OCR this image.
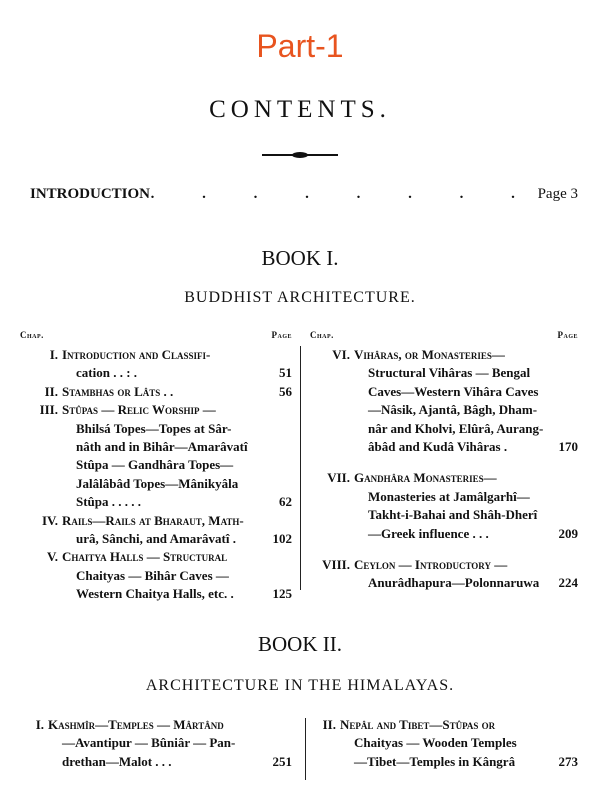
Part-1
CONTENTS.
INTRODUCTION . . . . . . . . Page 3
BOOK I.
BUDDHIST ARCHITECTURE.
Chap.	Page
I. Introduction and Classifi-
cation . . : .	51
II. Stambhas or Lâts . .	56
III. Stûpas — Relic Worship —
Bhilsá Topes—Topes at Sâr-
nâth and in Bihâr—Amarâvatî
Stûpa — Gandhâra Topes—
Jalâlâbâd Topes—Mânikyâla
Stûpa . . . . .	62
IV. Rails—Rails at Bharaut, Math-
urâ, Sânchi, and Amarâvatî .	102
V. Chaitya Halls — Structural
Chaityas — Bihâr Caves —
Western Chaitya Halls, etc. .	125
Chap.	Page
VI. Vihâras, or Monasteries—
Structural Vihâras — Bengal
Caves—Western Vihâra Caves
—Nâsik, Ajantâ, Bâgh, Dham-
nâr and Kholvi, Elûrâ, Aurang-
âbâd and Kudâ Vihâras .	170
VII. Gandhâra Monasteries—
Monasteries at Jamâlgarhî—
Takht-i-Bahai and Shâh-Dherî
—Greek influence . . .	209
VIII. Ceylon — Introductory —
Anurâdhapura—Polonnaruwa 224
BOOK II.
ARCHITECTURE IN THE HIMALAYAS.
I. Kashmîr—Temples — Mârtând
—Avantipur — Bûniâr — Pan-
drethan—Malot . . .	251
II. Nepâl and Tibet—Stûpas or
Chaityas — Wooden Temples
—Tibet—Temples in Kângrâ	273
